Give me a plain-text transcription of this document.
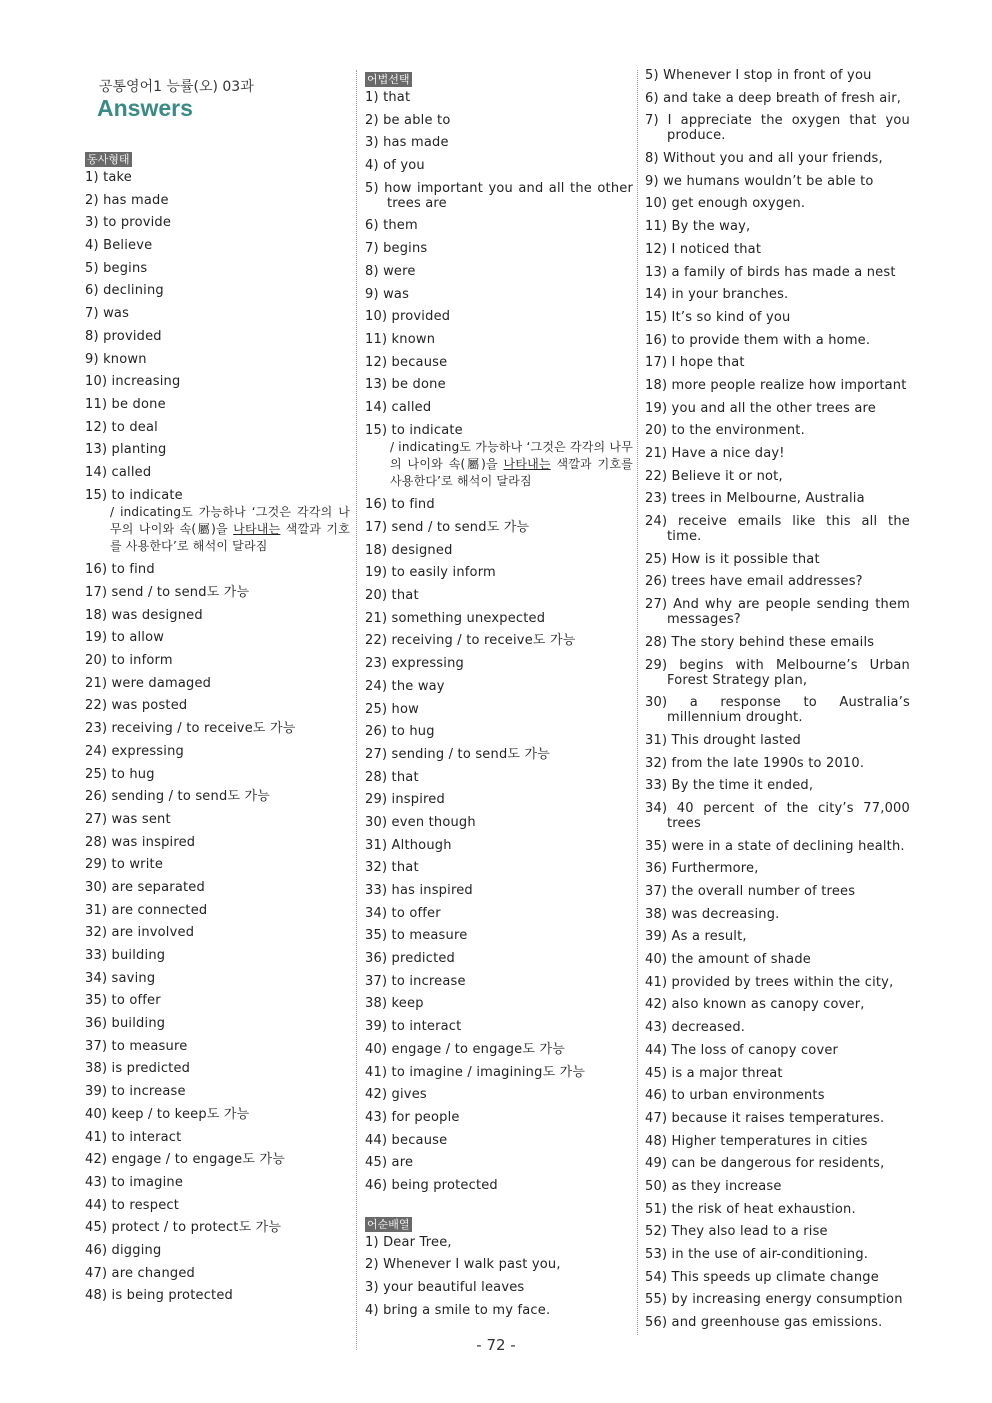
공통영어1 능률(오) 03과
Answers
동사형태
1) take
2) has made
3) to provide
4) Believe
5) begins
6) declining
7) was
8) provided
9) known
10) increasing
11) be done
12) to deal
13) planting
14) called
15) to indicate
/ indicating도 가능하나 ‘그것은 각각의 나무의 나이와 속(屬)을 나타내는 색깔과 기호를 사용한다’로 해석이 달라짐
16) to find
17) send / to send도 가능
18) was designed
19) to allow
20) to inform
21) were damaged
22) was posted
23) receiving / to receive도 가능
24) expressing
25) to hug
26) sending / to send도 가능
27) was sent
28) was inspired
29) to write
30) are separated
31) are connected
32) are involved
33) building
34) saving
35) to offer
36) building
37) to measure
38) is predicted
39) to increase
40) keep / to keep도 가능
41) to interact
42) engage / to engage도 가능
43) to imagine
44) to respect
45) protect / to protect도 가능
46) digging
47) are changed
48) is being protected
어법선택
1) that
2) be able to
3) has made
4) of you
5) how important you and all the other trees are
6) them
7) begins
8) were
9) was
10) provided
11) known
12) because
13) be done
14) called
15) to indicate
/ indicating도 가능하나 ‘그것은 각각의 나무의 나이와 속(屬)을 나타내는 색깔과 기호를 사용한다’로 해석이 달라짐
16) to find
17) send / to send도 가능
18) designed
19) to easily inform
20) that
21) something unexpected
22) receiving / to receive도 가능
23) expressing
24) the way
25) how
26) to hug
27) sending / to send도 가능
28) that
29) inspired
30) even though
31) Although
32) that
33) has inspired
34) to offer
35) to measure
36) predicted
37) to increase
38) keep
39) to interact
40) engage / to engage도 가능
41) to imagine / imagining도 가능
42) gives
43) for people
44) because
45) are
46) being protected
어순배열
1) Dear Tree,
2) Whenever I walk past you,
3) your beautiful leaves
4) bring a smile to my face.
5) Whenever I stop in front of you
6) and take a deep breath of fresh air,
7) I appreciate the oxygen that you produce.
8) Without you and all your friends,
9) we humans wouldn’t be able to
10) get enough oxygen.
11) By the way,
12) I noticed that
13) a family of birds has made a nest
14) in your branches.
15) It’s so kind of you
16) to provide them with a home.
17) I hope that
18) more people realize how important
19) you and all the other trees are
20) to the environment.
21) Have a nice day!
22) Believe it or not,
23) trees in Melbourne, Australia
24) receive emails like this all the time.
25) How is it possible that
26) trees have email addresses?
27) And why are people sending them messages?
28) The story behind these emails
29) begins with Melbourne’s Urban Forest Strategy plan,
30) a response to Australia’s millennium drought.
31) This drought lasted
32) from the late 1990s to 2010.
33) By the time it ended,
34) 40 percent of the city’s 77,000 trees
35) were in a state of declining health.
36) Furthermore,
37) the overall number of trees
38) was decreasing.
39) As a result,
40) the amount of shade
41) provided by trees within the city,
42) also known as canopy cover,
43) decreased.
44) The loss of canopy cover
45) is a major threat
46) to urban environments
47) because it raises temperatures.
48) Higher temperatures in cities
49) can be dangerous for residents,
50) as they increase
51) the risk of heat exhaustion.
52) They also lead to a rise
53) in the use of air-conditioning.
54) This speeds up climate change
55) by increasing energy consumption
56) and greenhouse gas emissions.
- 72 -
